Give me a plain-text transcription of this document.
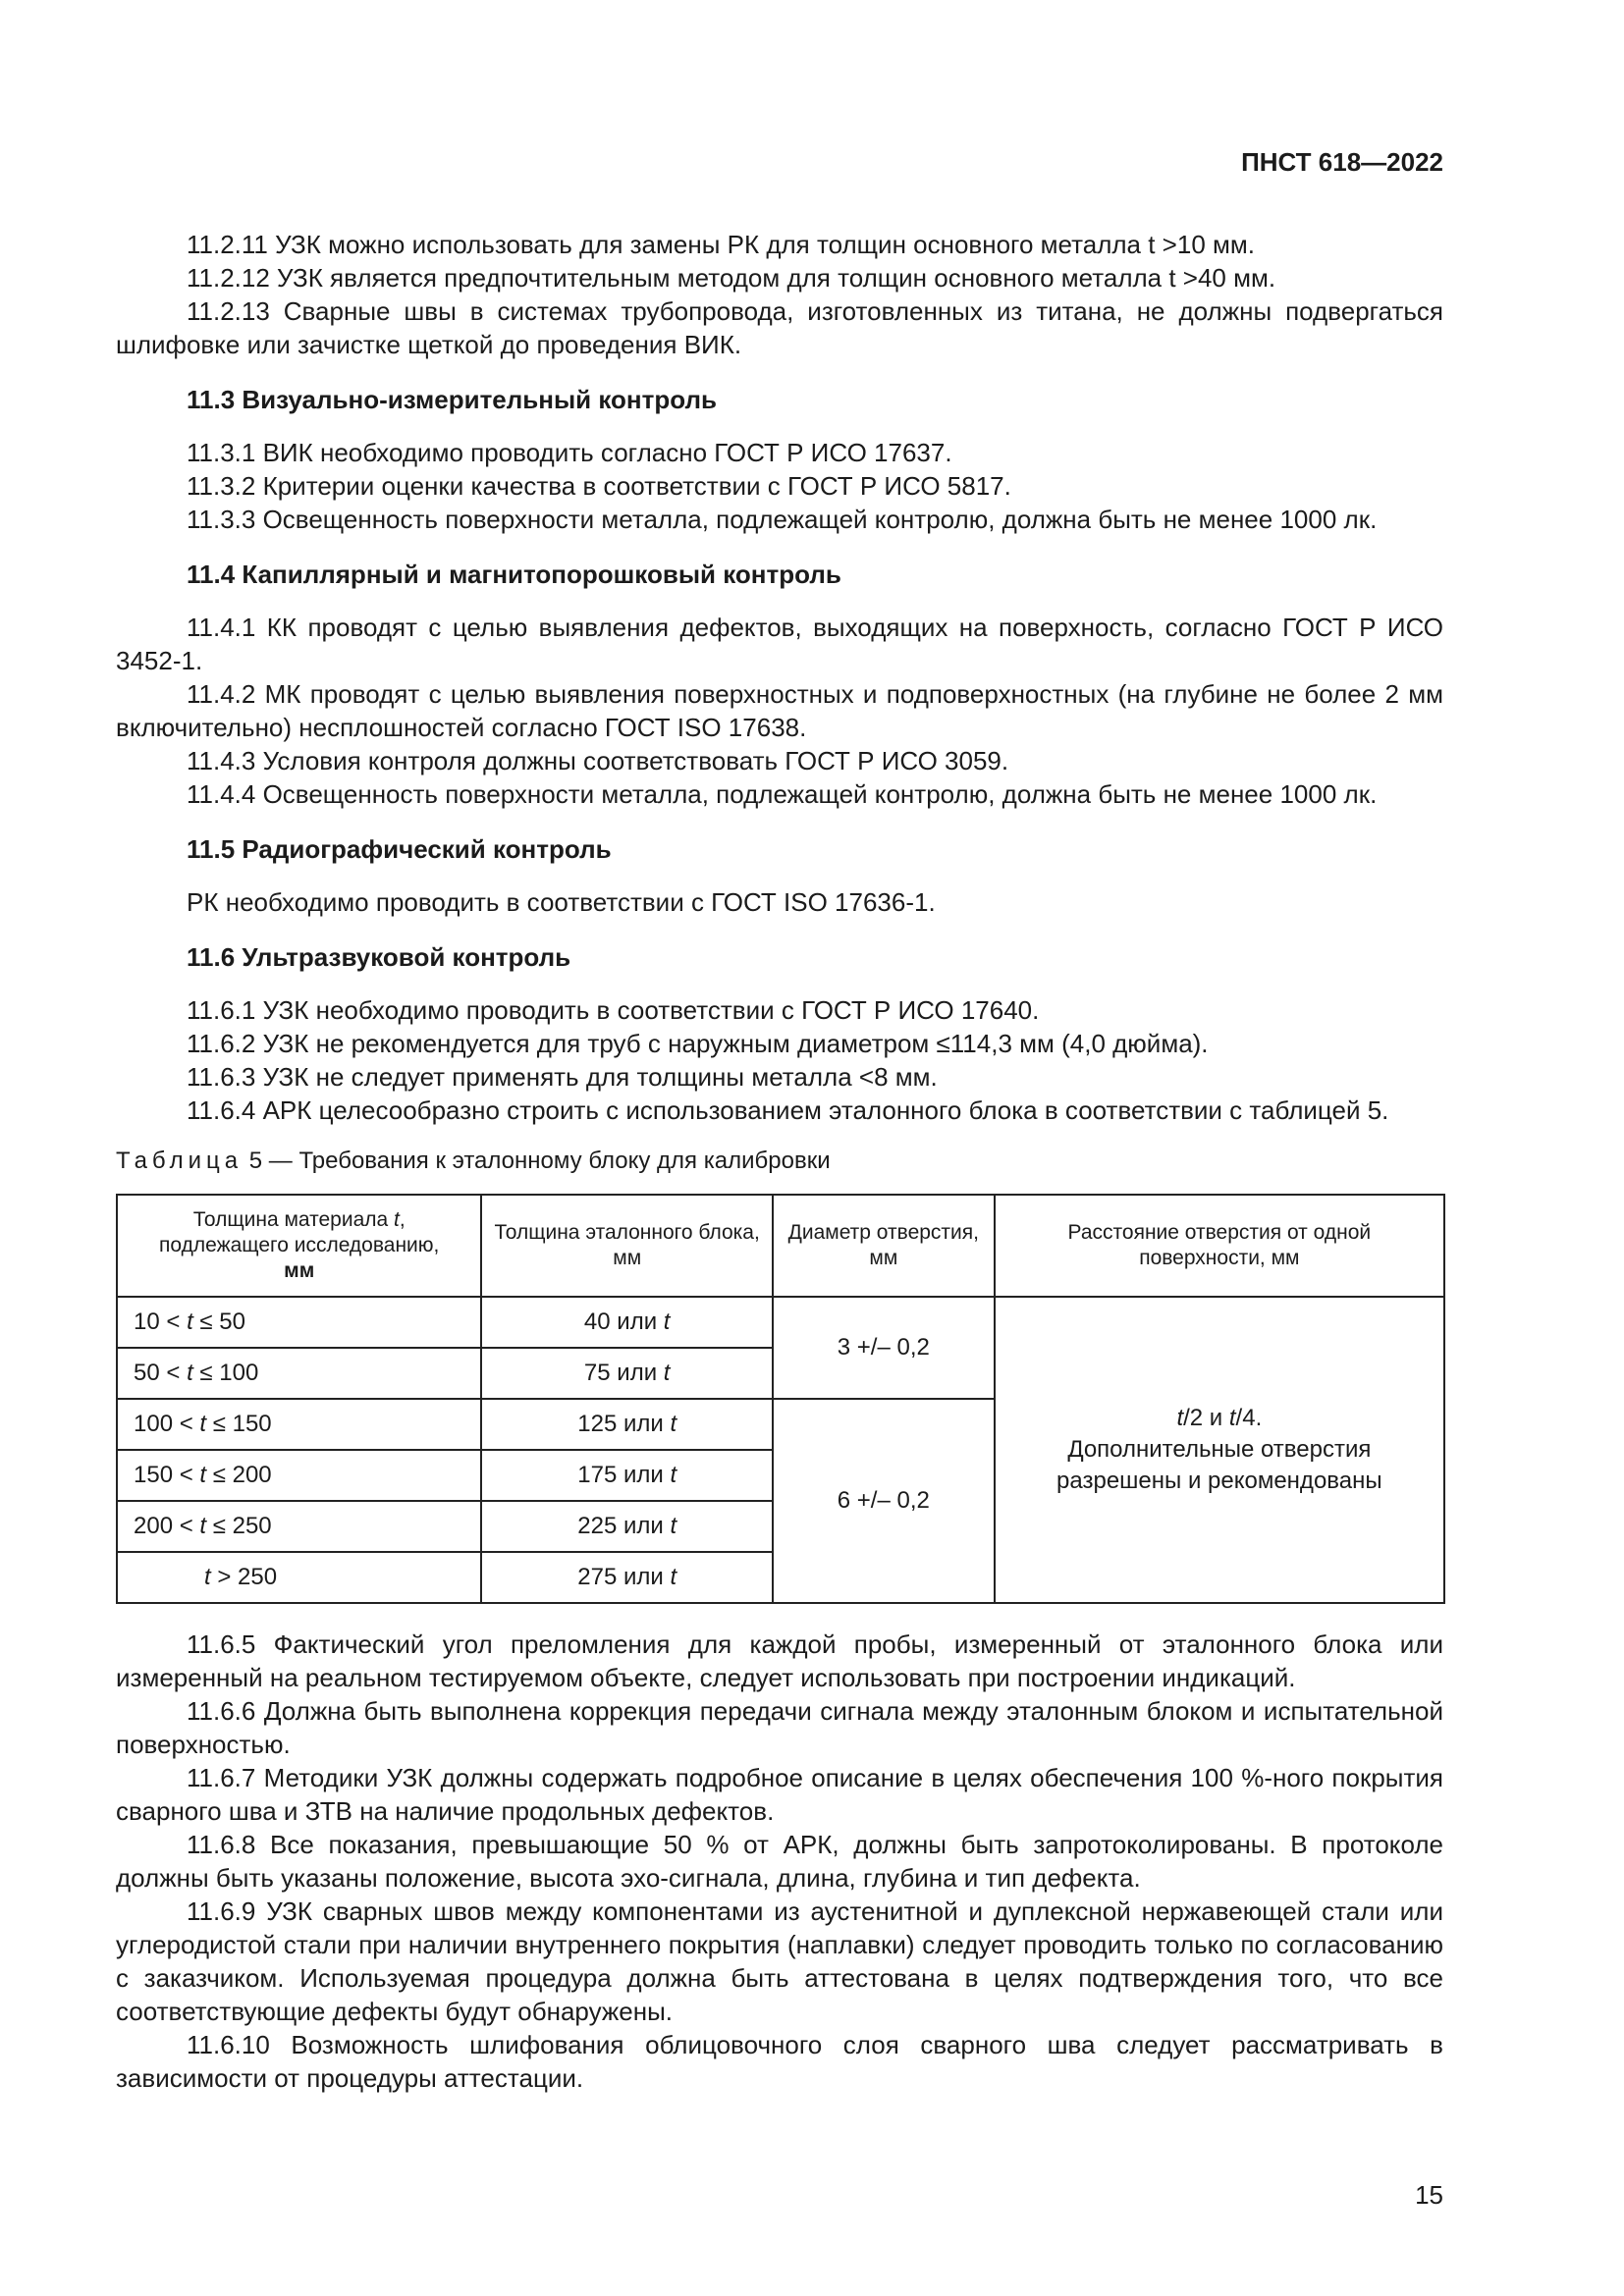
ПНСТ 618—2022

11.2.11 УЗК можно использовать для замены РК для толщин основного металла t >10 мм.

11.2.12 УЗК является предпочтительным методом для толщин основного металла t >40 мм.

11.2.13 Сварные швы в системах трубопровода, изготовленных из титана, не должны подвергаться шлифовке или зачистке щеткой до проведения ВИК.

11.3 Визуально-измерительный контроль

11.3.1 ВИК необходимо проводить согласно ГОСТ Р ИСО 17637.

11.3.2 Критерии оценки качества в соответствии с ГОСТ Р ИСО 5817.

11.3.3 Освещенность поверхности металла, подлежащей контролю, должна быть не менее 1000 лк.

11.4 Капиллярный и магнитопорошковый контроль

11.4.1 КК проводят с целью выявления дефектов, выходящих на поверхность, согласно ГОСТ Р ИСО 3452-1.

11.4.2 МК проводят с целью выявления поверхностных и подповерхностных (на глубине не более 2 мм включительно) несплошностей согласно ГОСТ ISO 17638.

11.4.3 Условия контроля должны соответствовать ГОСТ Р ИСО 3059.

11.4.4 Освещенность поверхности металла, подлежащей контролю, должна быть не менее 1000 лк.

11.5 Радиографический контроль

РК необходимо проводить в соответствии с ГОСТ ISO 17636-1.

11.6 Ультразвуковой контроль

11.6.1 УЗК необходимо проводить в соответствии с ГОСТ Р ИСО 17640.

11.6.2 УЗК не рекомендуется для труб с наружным диаметром ≤114,3 мм (4,0 дюйма).

11.6.3 УЗК не следует применять для толщины металла <8 мм.

11.6.4 АРК целесообразно строить с использованием эталонного блока в соответствии с таблицей 5.

Таблица 5 — Требования к эталонному блоку для калибровки
Толщина материала t,
подлежащего исследованию,
мм	Толщина эталонного блока, мм	Диаметр отверстия, мм	Расстояние отверстия от одной поверхности, мм
10 < t ≤ 50	40 или t	3 +/– 0,2	t/2 и t/4.
Дополнительные отверстия разрешены и рекомендованы
50 < t ≤ 100	75 или t		
100 < t ≤ 150	125 или t	6 +/– 0,2	
150 < t ≤ 200	175 или t		
200 < t ≤ 250	225 или t		
t > 250	275 или t		

11.6.5 Фактический угол преломления для каждой пробы, измеренный от эталонного блока или измеренный на реальном тестируемом объекте, следует использовать при построении индикаций.

11.6.6 Должна быть выполнена коррекция передачи сигнала между эталонным блоком и испытательной поверхностью.

11.6.7 Методики УЗК должны содержать подробное описание в целях обеспечения 100 %-ного покрытия сварного шва и ЗТВ на наличие продольных дефектов.

11.6.8 Все показания, превышающие 50 % от АРК, должны быть запротоколированы. В протоколе должны быть указаны положение, высота эхо-сигнала, длина, глубина и тип дефекта.

11.6.9 УЗК сварных швов между компонентами из аустенитной и дуплексной нержавеющей стали или углеродистой стали при наличии внутреннего покрытия (наплавки) следует проводить только по согласованию с заказчиком. Используемая процедура должна быть аттестована в целях подтверждения того, что все соответствующие дефекты будут обнаружены.

11.6.10 Возможность шлифования облицовочного слоя сварного шва следует рассматривать в зависимости от процедуры аттестации.

15
